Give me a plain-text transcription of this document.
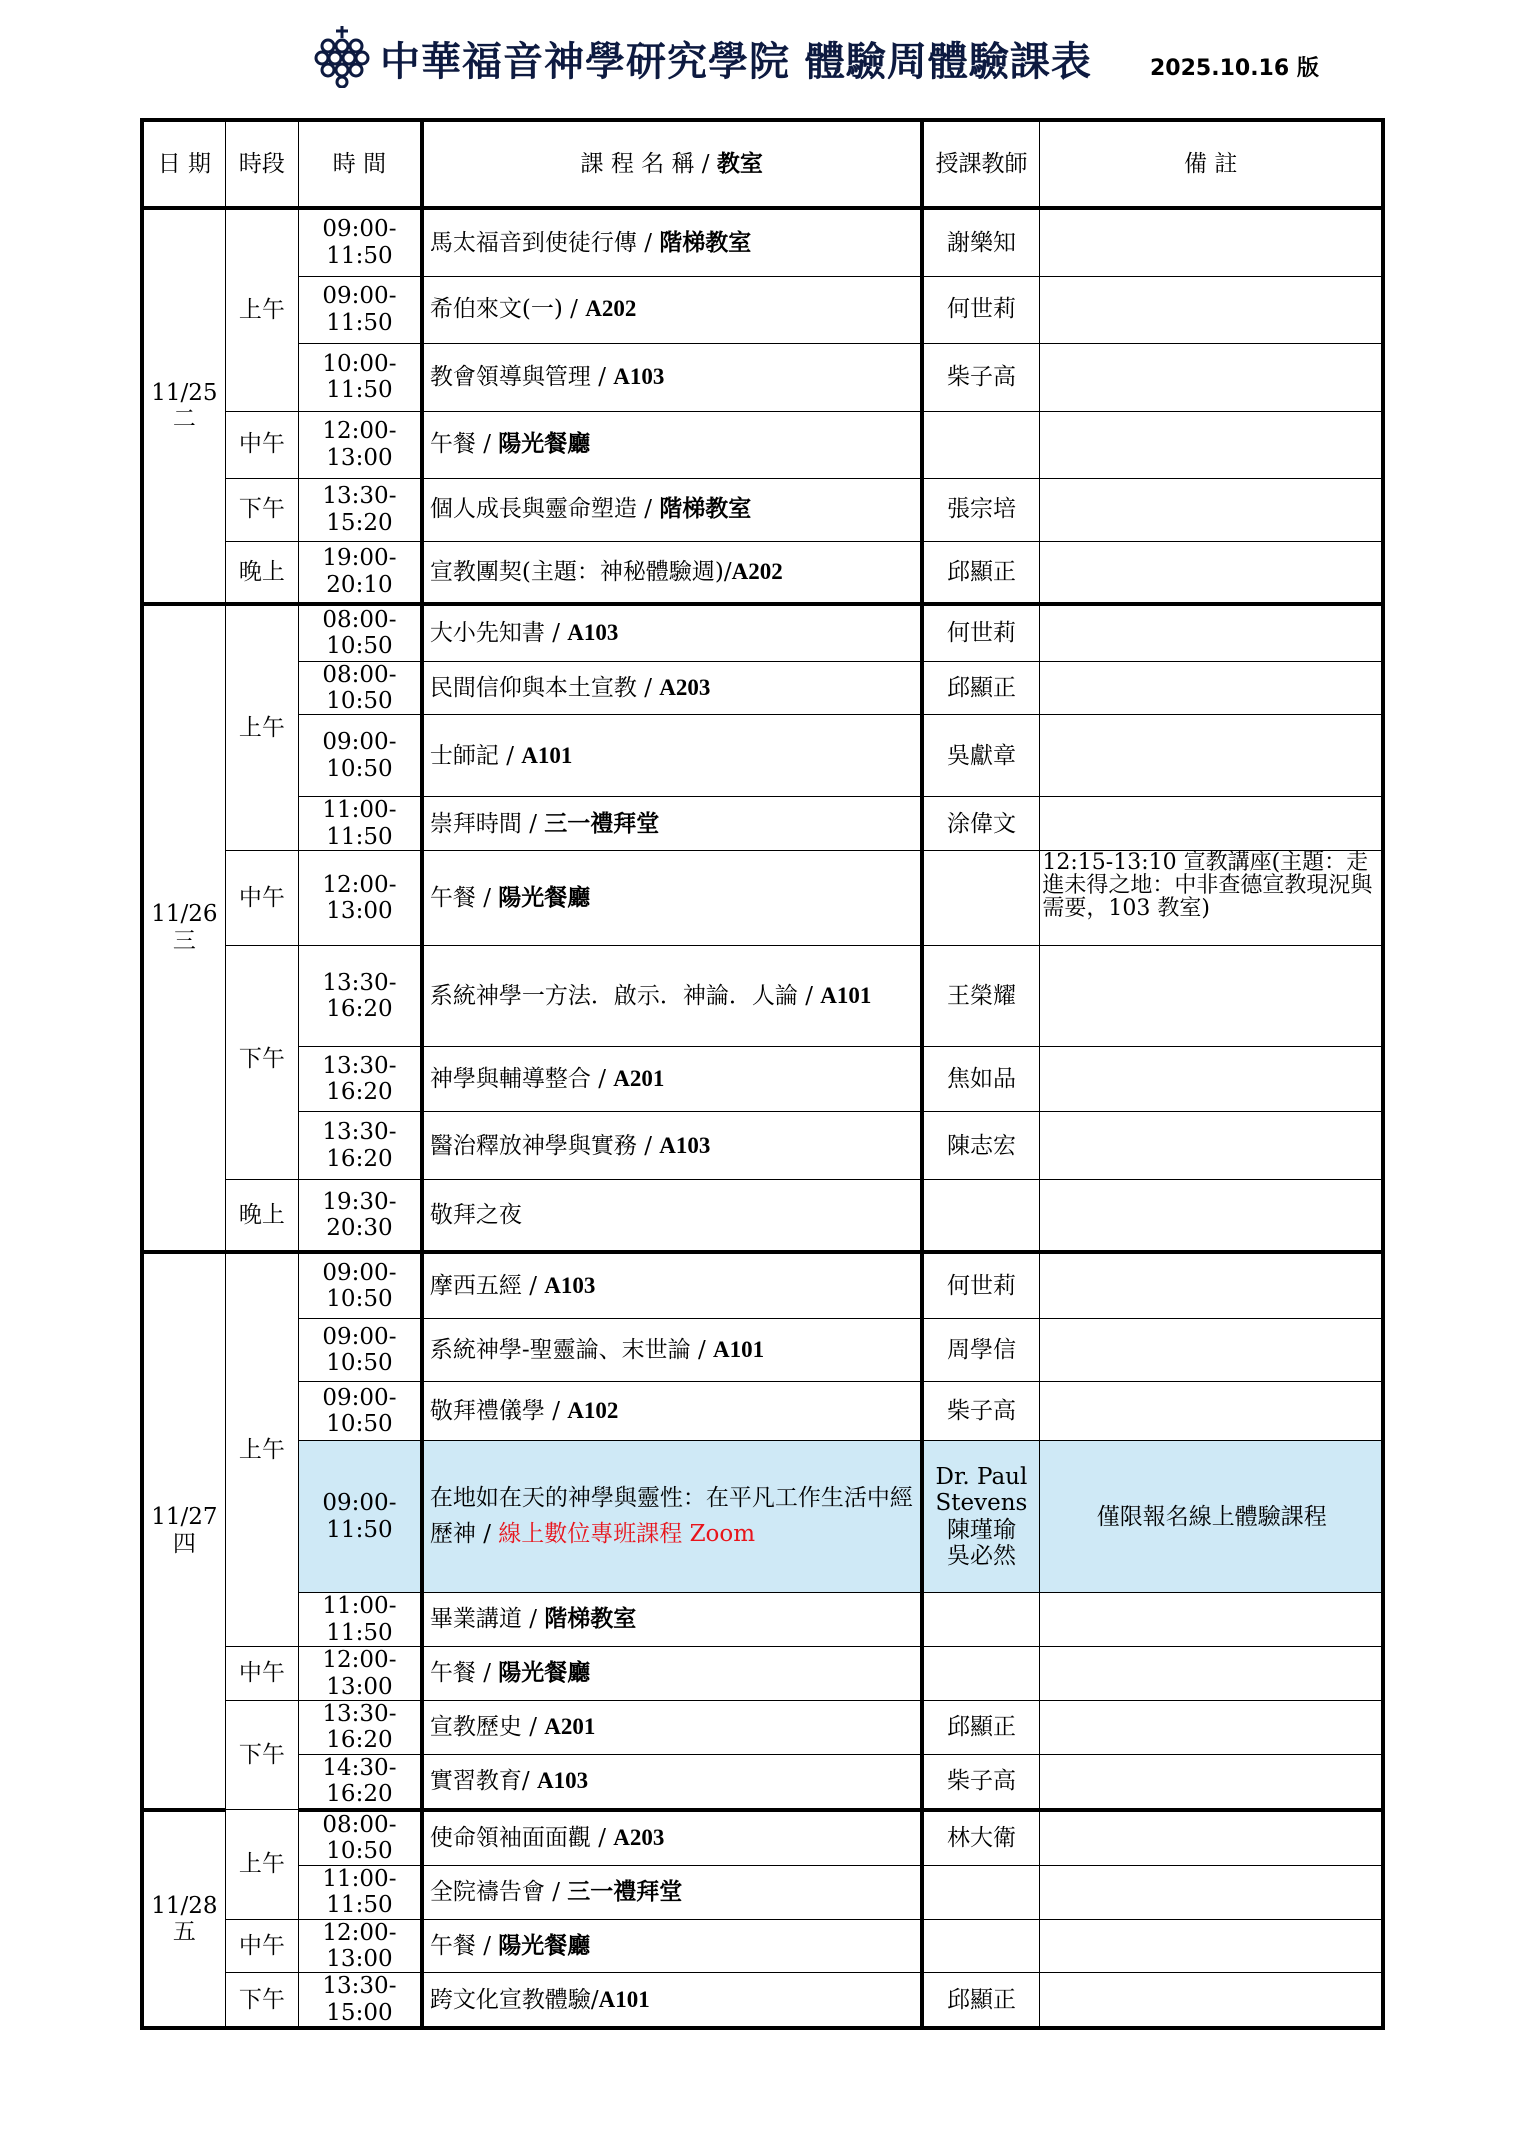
中華福音神學研究學院 體驗周體驗課表	2025.10.16 版
日 期	時段	時 間	課 程 名 稱 / 教室	授課教師	備 註
11/25
二	上午	09:00-11:50	馬太福音到使徒行傳 / 階梯教室	謝樂知	
		09:00-11:50	希伯來文(一) / A202	何世莉	
		10:00-11:50	教會領導與管理 / A103	柴子高	
	中午	12:00-13:00	午餐 / 陽光餐廳		
	下午	13:30-15:20	個人成長與靈命塑造 / 階梯教室	張宗培	
	晚上	19:00-20:10	宣教團契(主題：神秘體驗週)/A202	邱顯正	
11/26
三	上午	08:00-10:50	大小先知書 / A103	何世莉	
		08:00-10:50	民間信仰與本土宣教 / A203	邱顯正	
		09:00-10:50	士師記 / A101	吳獻章	
		11:00-11:50	崇拜時間 / 三一禮拜堂	涂偉文	
	中午	12:00-13:00	午餐 / 陽光餐廳		12:15-13:10 宣教講座(主題：走進未得之地：中非查德宣教現況與需要，103 教室)
	下午	13:30-16:20	系統神學一方法．啟示．神論．人論 / A101	王榮耀	
		13:30-16:20	神學與輔導整合 / A201	焦如品	
		13:30-16:20	醫治釋放神學與實務 / A103	陳志宏	
	晚上	19:30-20:30	敬拜之夜		
11/27
四	上午	09:00-10:50	摩西五經 / A103	何世莉	
		09:00-10:50	系統神學-聖靈論、末世論 / A101	周學信	
		09:00-10:50	敬拜禮儀學 / A102	柴子高	
		09:00-11:50	在地如在天的神學與靈性：在平凡工作生活中經歷神 / 線上數位專班課程 Zoom	Dr. Paul
Stevens
陳瑾瑜
吳必然	僅限報名線上體驗課程
		11:00-11:50	畢業講道 / 階梯教室		
	中午	12:00-13:00	午餐 / 陽光餐廳		
	下午	13:30-16:20	宣教歷史 / A201	邱顯正	
		14:30-16:20	實習教育/ A103	柴子高	
11/28
五	上午	08:00-10:50	使命領袖面面觀 / A203	林大衛	
		11:00-11:50	全院禱告會 / 三一禮拜堂		
	中午	12:00-13:00	午餐 / 陽光餐廳		
	下午	13:30-15:00	跨文化宣教體驗/A101	邱顯正	
